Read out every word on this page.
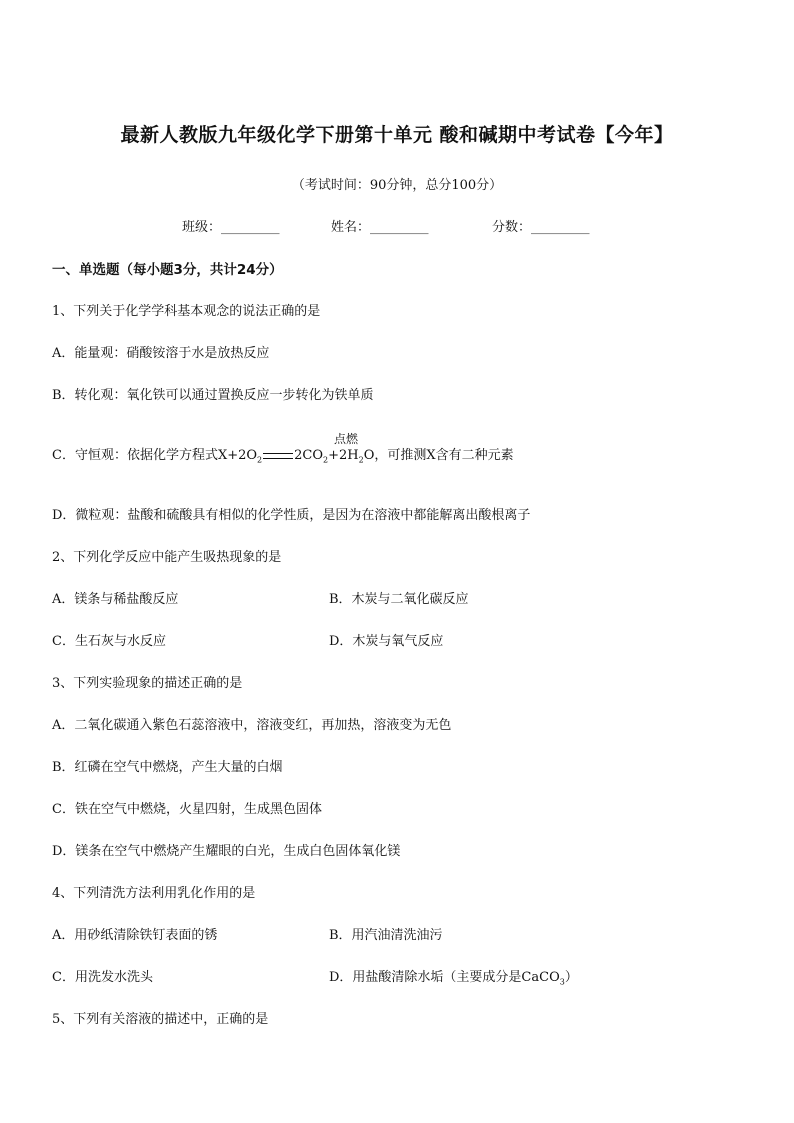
最新人教版九年级化学下册第十单元 酸和碱期中考试卷【今年】
（考试时间：90分钟，总分100分）
班级：_________	姓名：_________	分数：_________
一、单选题（每小题3分，共计24分）
1、下列关于化学学科基本观念的说法正确的是
A．能量观：硝酸铵溶于水是放热反应
B．转化观：氧化铁可以通过置换反应一步转化为铁单质
C．守恒观：依据化学方程式$X+2O_2$ $2CO_2+2H_2O$，可推测X含有二种元素
点燃
D．微粒观：盐酸和硫酸具有相似的化学性质，是因为在溶液中都能解离出酸根离子
2、下列化学反应中能产生吸热现象的是
A．镁条与稀盐酸反应	B．木炭与二氧化碳反应
C．生石灰与水反应	D．木炭与氧气反应
3、下列实验现象的描述正确的是
A．二氧化碳通入紫色石蕊溶液中，溶液变红，再加热，溶液变为无色
B．红磷在空气中燃烧，产生大量的白烟
C．铁在空气中燃烧，火星四射，生成黑色固体
D．镁条在空气中燃烧产生耀眼的白光，生成白色固体氧化镁
4、下列清洗方法利用乳化作用的是
A．用砂纸清除铁钉表面的锈	B．用汽油清洗油污
C．用洗发水洗头	D．用盐酸清除水垢（主要成分是CaCO$_3$）
5、下列有关溶液的描述中，正确的是
